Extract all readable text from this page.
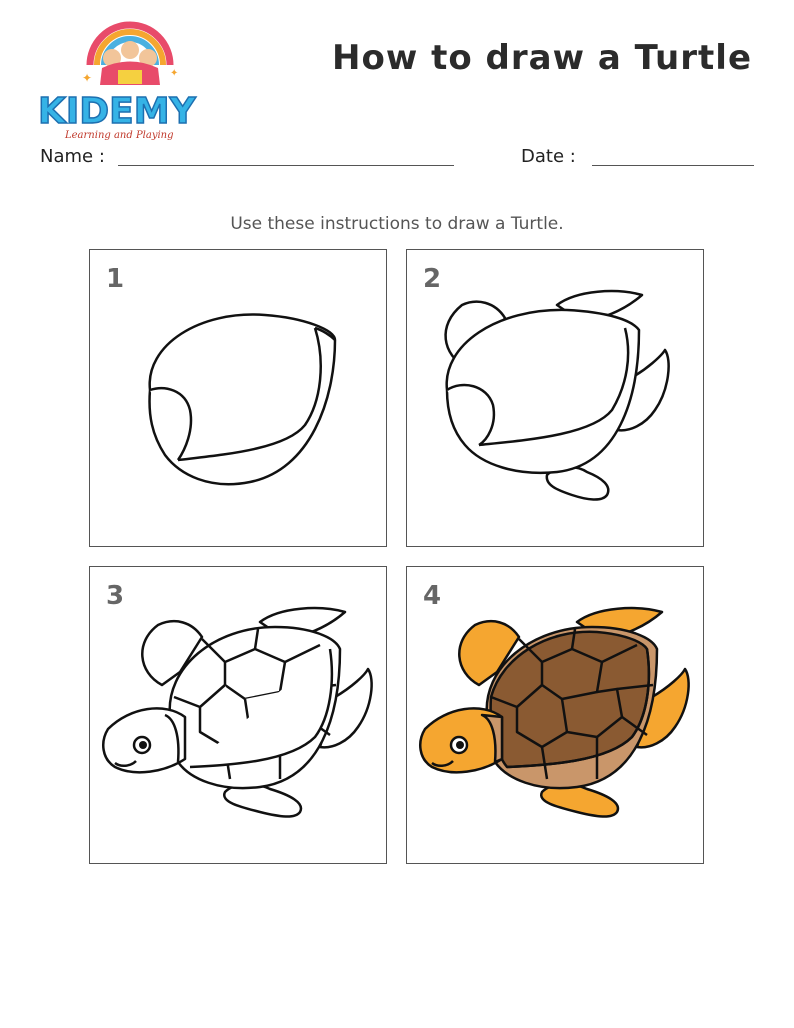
✦	✦
KIDEMY
Learning and Playing
How to draw a Turtle
Name :	Date :
Use these instructions to draw a Turtle.
1	2
3	4
